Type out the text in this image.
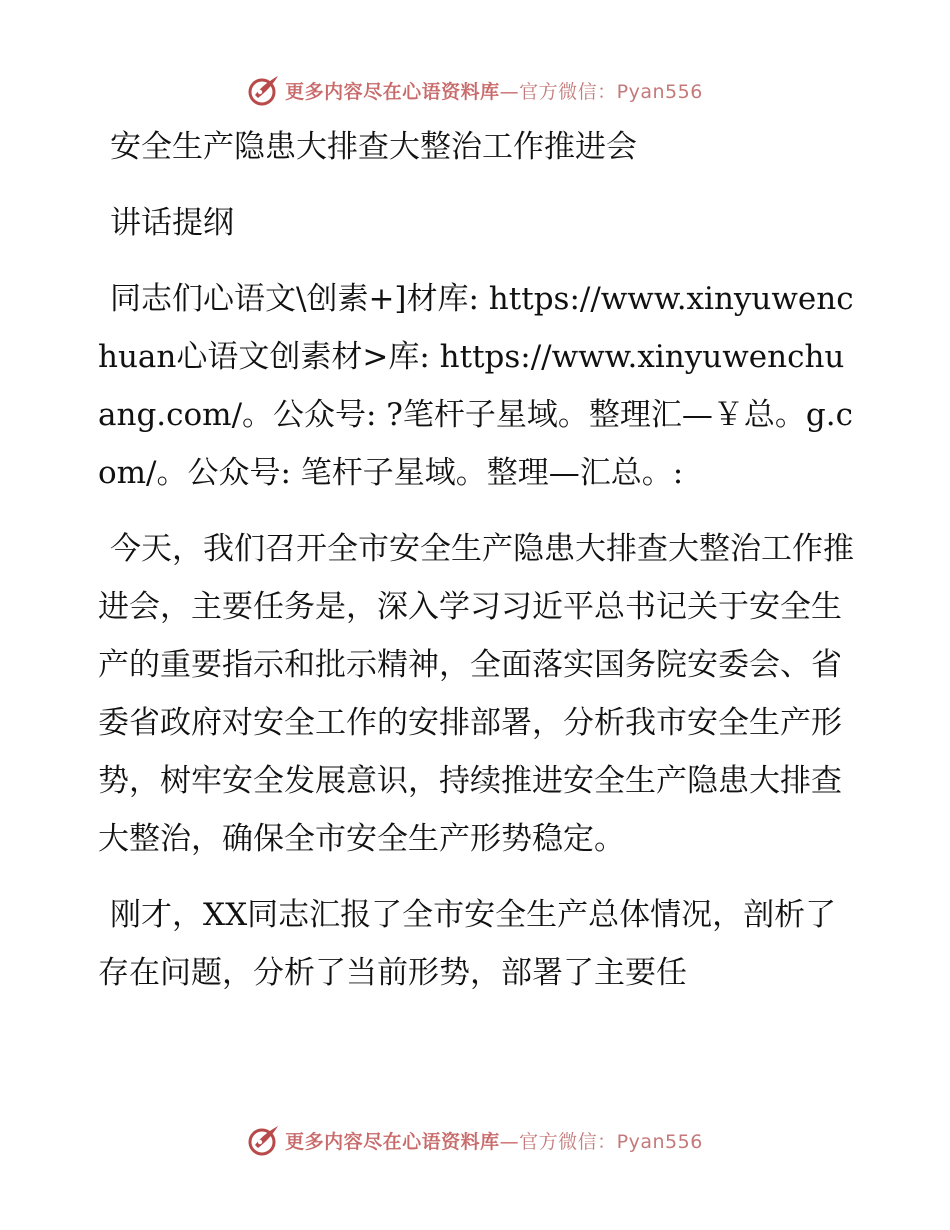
更多内容尽在心语资料库—官方微信：Pyan556

安全生产隐患大排查大整治工作推进会

讲话提纲

同志们心语文\创素+]材库: https://www.xinyuwenchuan心语文创素材>库: https://www.xinyuwenchuang.com/。公众号: ?笔杆子星域。整理汇—￥总。g.com/。公众号: 笔杆子星域。整理—汇总。:

今天，我们召开全市安全生产隐患大排查大整治工作推进会，主要任务是，深入学习习近平总书记关于安全生产的重要指示和批示精神，全面落实国务院安委会、省委省政府对安全工作的安排部署，分析我市安全生产形势，树牢安全发展意识，持续推进安全生产隐患大排查大整治，确保全市安全生产形势稳定。

刚才，XX同志汇报了全市安全生产总体情况，剖析了存在问题，分析了当前形势，部署了主要任

更多内容尽在心语资料库—官方微信：Pyan556
